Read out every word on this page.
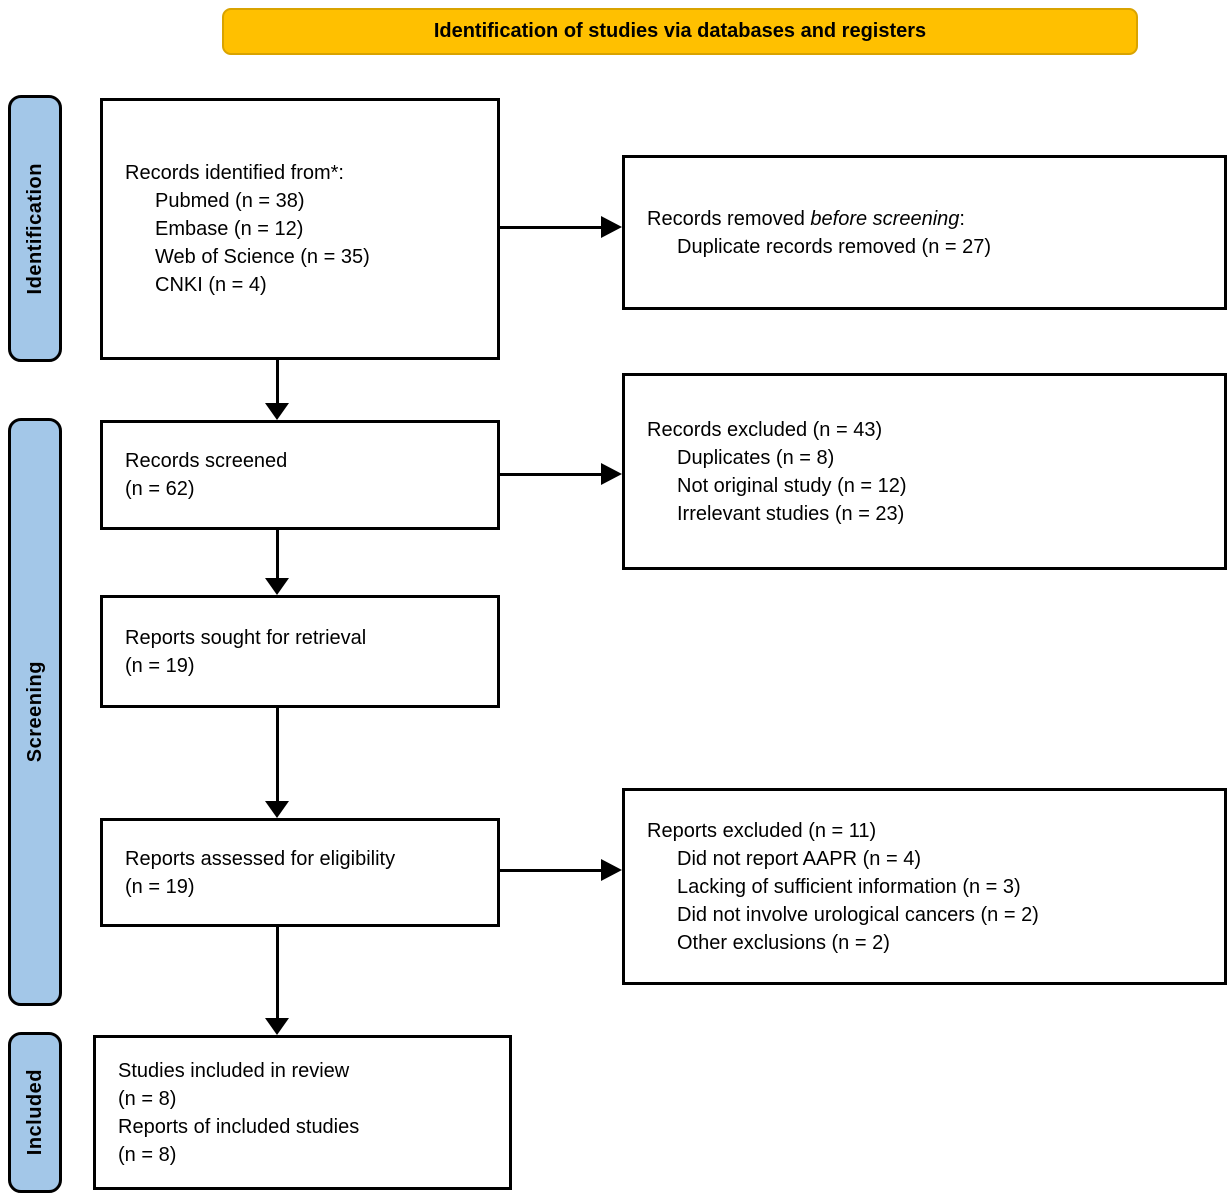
Identification of studies via databases and registers
Identification
Screening
Included
Records identified from*:
Pubmed (n = 38)
Embase (n = 12)
Web of Science (n = 35)
CNKI (n = 4)
Records removed before screening:
Duplicate records removed (n = 27)
Records screened
(n = 62)
Records excluded (n = 43)
Duplicates (n = 8)
Not original study (n = 12)
Irrelevant studies (n = 23)
Reports sought for retrieval
(n = 19)
Reports assessed for eligibility
(n = 19)
Reports excluded (n = 11)
Did not report AAPR (n = 4)
Lacking of sufficient information (n = 3)
Did not involve urological cancers (n = 2)
Other exclusions (n = 2)
Studies included in review
(n = 8)
Reports of included studies
(n = 8)
